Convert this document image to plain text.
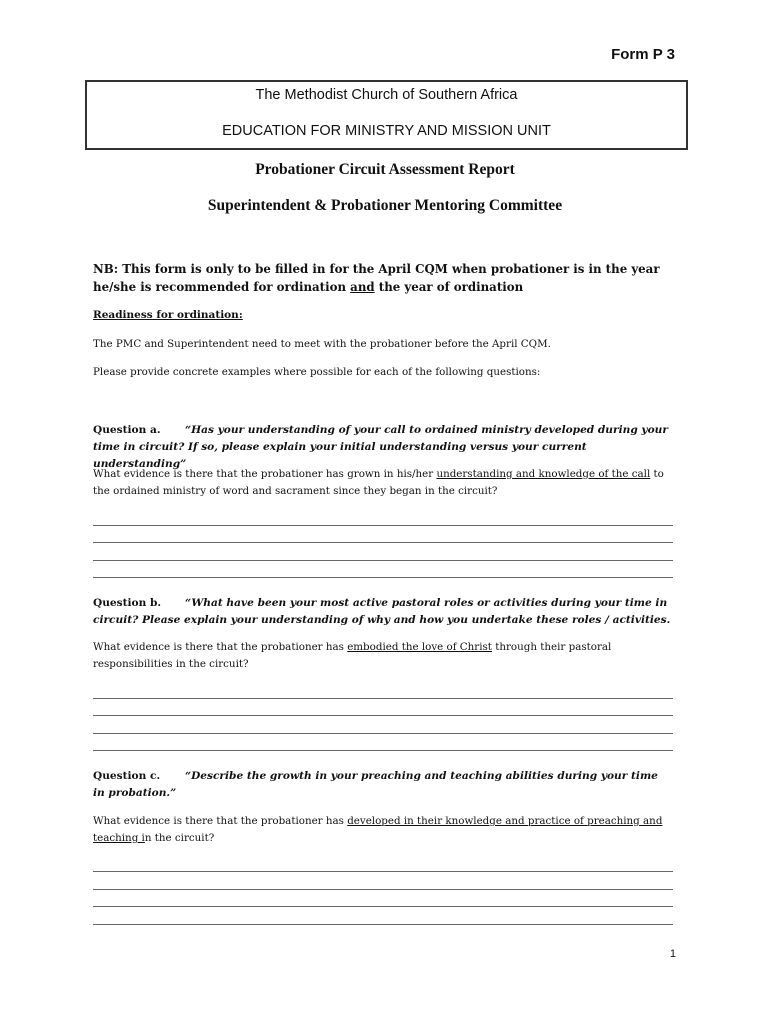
Form P 3
The Methodist Church of Southern Africa
EDUCATION FOR MINISTRY AND MISSION UNIT
Probationer Circuit Assessment Report
Superintendent & Probationer Mentoring Committee
NB: This form is only to be filled in for the April CQM when probationer is in the year he/she is recommended for ordination and the year of ordination
Readiness for ordination:
The PMC and Superintendent need to meet with the probationer before the April CQM.
Please provide concrete examples where possible for each of the following questions:
Question a. “Has your understanding of your call to ordained ministry developed during your time in circuit? If so, please explain your initial understanding versus your current understanding”
What evidence is there that the probationer has grown in his/her understanding and knowledge of the call to the ordained ministry of word and sacrament since they began in the circuit?
Question b. “What have been your most active pastoral roles or activities during your time in circuit? Please explain your understanding of why and how you undertake these roles / activities.
What evidence is there that the probationer has embodied the love of Christ through their pastoral responsibilities in the circuit?
Question c. “Describe the growth in your preaching and teaching abilities during your time in probation.”
What evidence is there that the probationer has developed in their knowledge and practice of preaching and teaching in the circuit?
1
